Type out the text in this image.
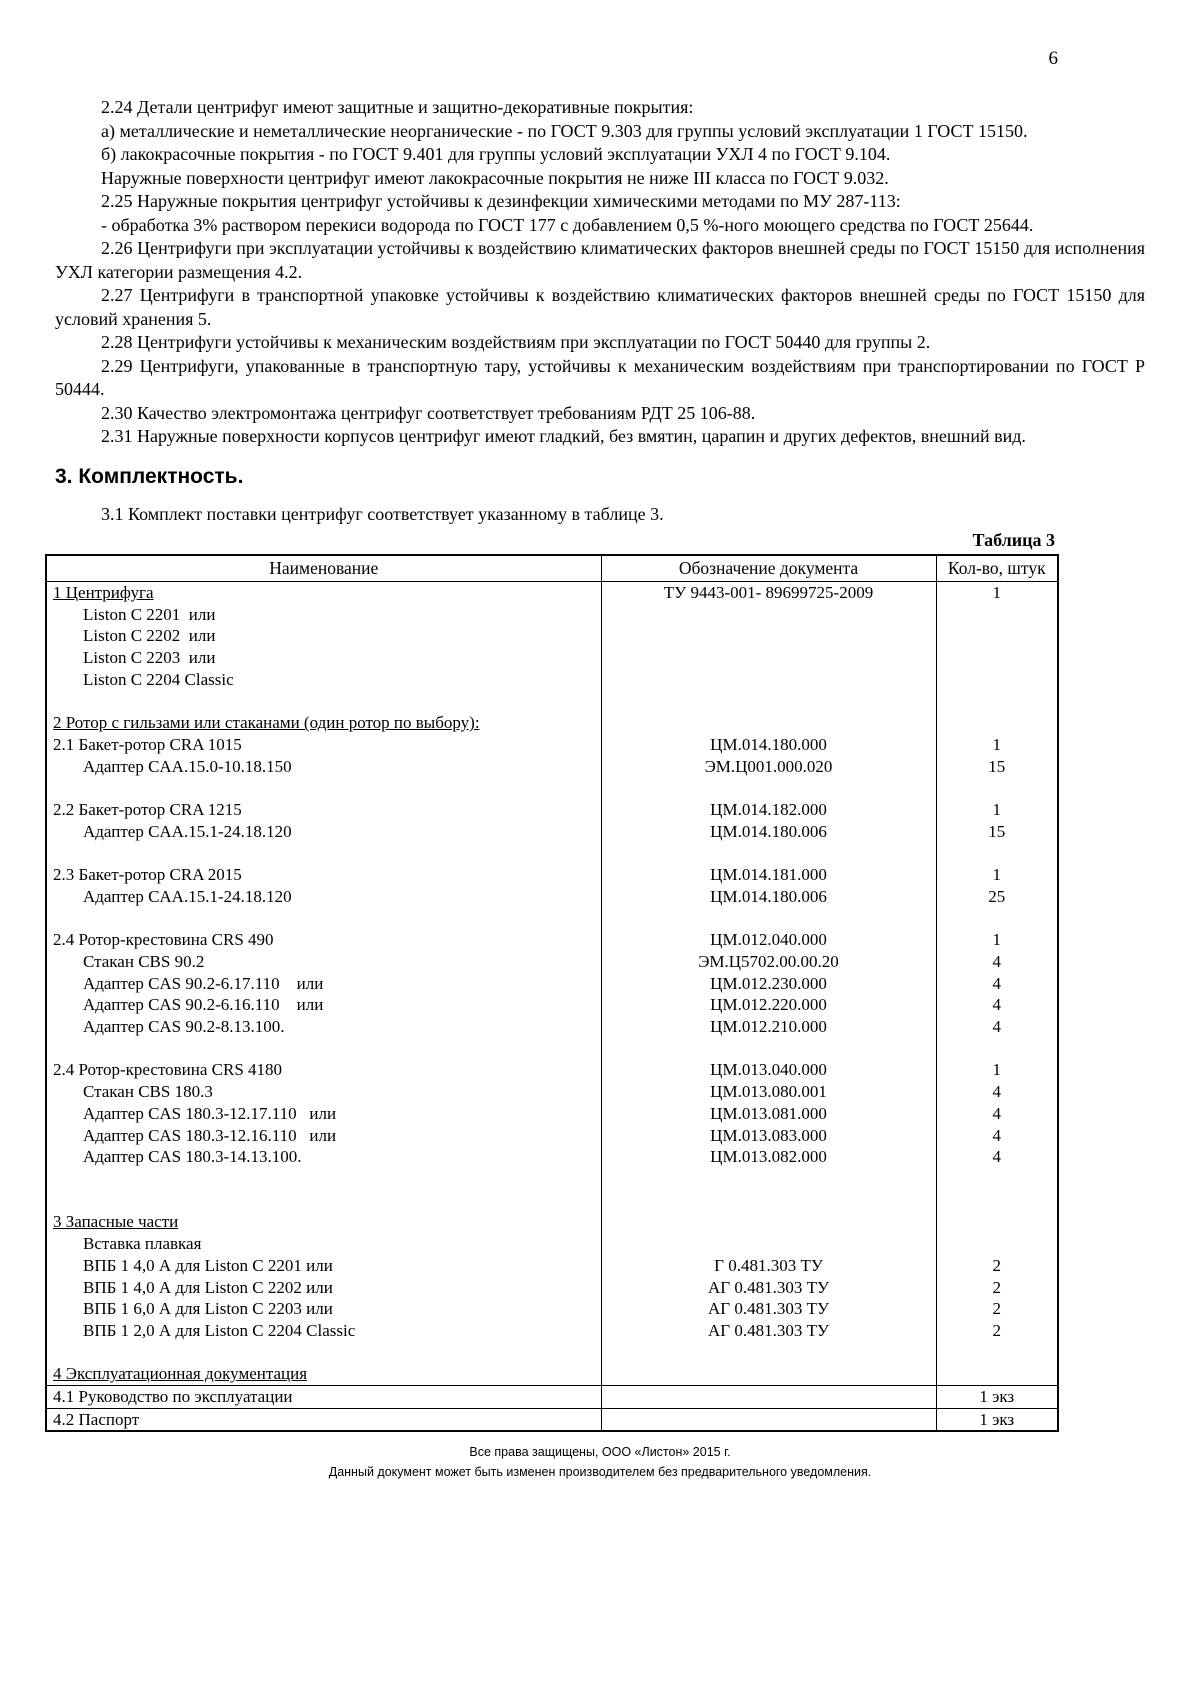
6

2.24 Детали центрифуг имеют защитные и защитно-декоративные покрытия:

а) металлические и неметаллические неорганические - по ГОСТ 9.303 для группы условий эксплуатации 1 ГОСТ 15150.

б) лакокрасочные покрытия - по ГОСТ 9.401 для группы условий эксплуатации УХЛ 4 по ГОСТ 9.104.

Наружные поверхности центрифуг имеют лакокрасочные покрытия не ниже III класса по ГОСТ 9.032.

2.25 Наружные покрытия центрифуг устойчивы к дезинфекции химическими методами по МУ 287-113:

- обработка 3% раствором перекиси водорода по ГОСТ 177 с добавлением 0,5 %-ного моющего средства по ГОСТ 25644.

2.26 Центрифуги при эксплуатации устойчивы к воздействию климатических факторов внешней среды по ГОСТ 15150 для исполнения УХЛ категории размещения 4.2.

2.27 Центрифуги в транспортной упаковке устойчивы к воздействию климатических факторов внешней среды по ГОСТ 15150 для условий хранения 5.

2.28 Центрифуги устойчивы к механическим воздействиям при эксплуатации по ГОСТ 50440 для группы 2.

2.29 Центрифуги, упакованные в транспортную тару, устойчивы к механическим воздействиям при транспортировании по ГОСТ Р 50444.

2.30 Качество электромонтажа центрифуг соответствует требованиям РДТ 25 106-88.

2.31 Наружные поверхности корпусов центрифуг имеют гладкий, без вмятин, царапин и других дефектов, внешний вид.

3. Комплектность.

3.1 Комплект поставки центрифуг соответствует указанному в таблице 3.

Таблица 3
Наименование	Обозначение документа	Кол-во, штук
1 Центрифуга	ТУ 9443-001- 89699725-2009	1
Liston C 2201  или		
Liston C 2202  или		
Liston C 2203  или		
Liston C 2204 Classic		

2 Ротор с гильзами или стаканами (один ротор по выбору):		
2.1 Бакет-ротор CRA 1015	ЦМ.014.180.000	1
Адаптер CAA.15.0-10.18.150	ЭМ.Ц001.000.020	15

2.2 Бакет-ротор CRA 1215	ЦМ.014.182.000	1
Адаптер CAA.15.1-24.18.120	ЦМ.014.180.006	15

2.3 Бакет-ротор CRA 2015	ЦМ.014.181.000	1
Адаптер CAA.15.1-24.18.120	ЦМ.014.180.006	25

2.4 Ротор-крестовина CRS 490	ЦМ.012.040.000	1
Стакан CBS 90.2	ЭМ.Ц5702.00.00.20	4
Адаптер CAS 90.2-6.17.110    или	ЦМ.012.230.000	4
Адаптер CAS 90.2-6.16.110    или	ЦМ.012.220.000	4
Адаптер CAS 90.2-8.13.100.	ЦМ.012.210.000	4

2.4 Ротор-крестовина CRS 4180	ЦМ.013.040.000	1
Стакан CBS 180.3	ЦМ.013.080.001	4
Адаптер CAS 180.3-12.17.110   или	ЦМ.013.081.000	4
Адаптер CAS 180.3-12.16.110   или	ЦМ.013.083.000	4
Адаптер CAS 180.3-14.13.100.	ЦМ.013.082.000	4

3 Запасные части		
Вставка плавкая		
ВПБ 1 4,0 А для Liston C 2201 или	Г 0.481.303 ТУ	2
ВПБ 1 4,0 А для Liston C 2202 или	АГ 0.481.303 ТУ	2
ВПБ 1 6,0 А для Liston C 2203 или	АГ 0.481.303 ТУ	2
ВПБ 1 2,0 А для Liston C 2204 Classic	АГ 0.481.303 ТУ	2

4 Эксплуатационная документация		
4.1 Руководство по эксплуатации		1 экз
4.2 Паспорт		1 экз
Все права защищены, ООО «Листон» 2015 г.
Данный документ может быть изменен производителем без предварительного уведомления.
